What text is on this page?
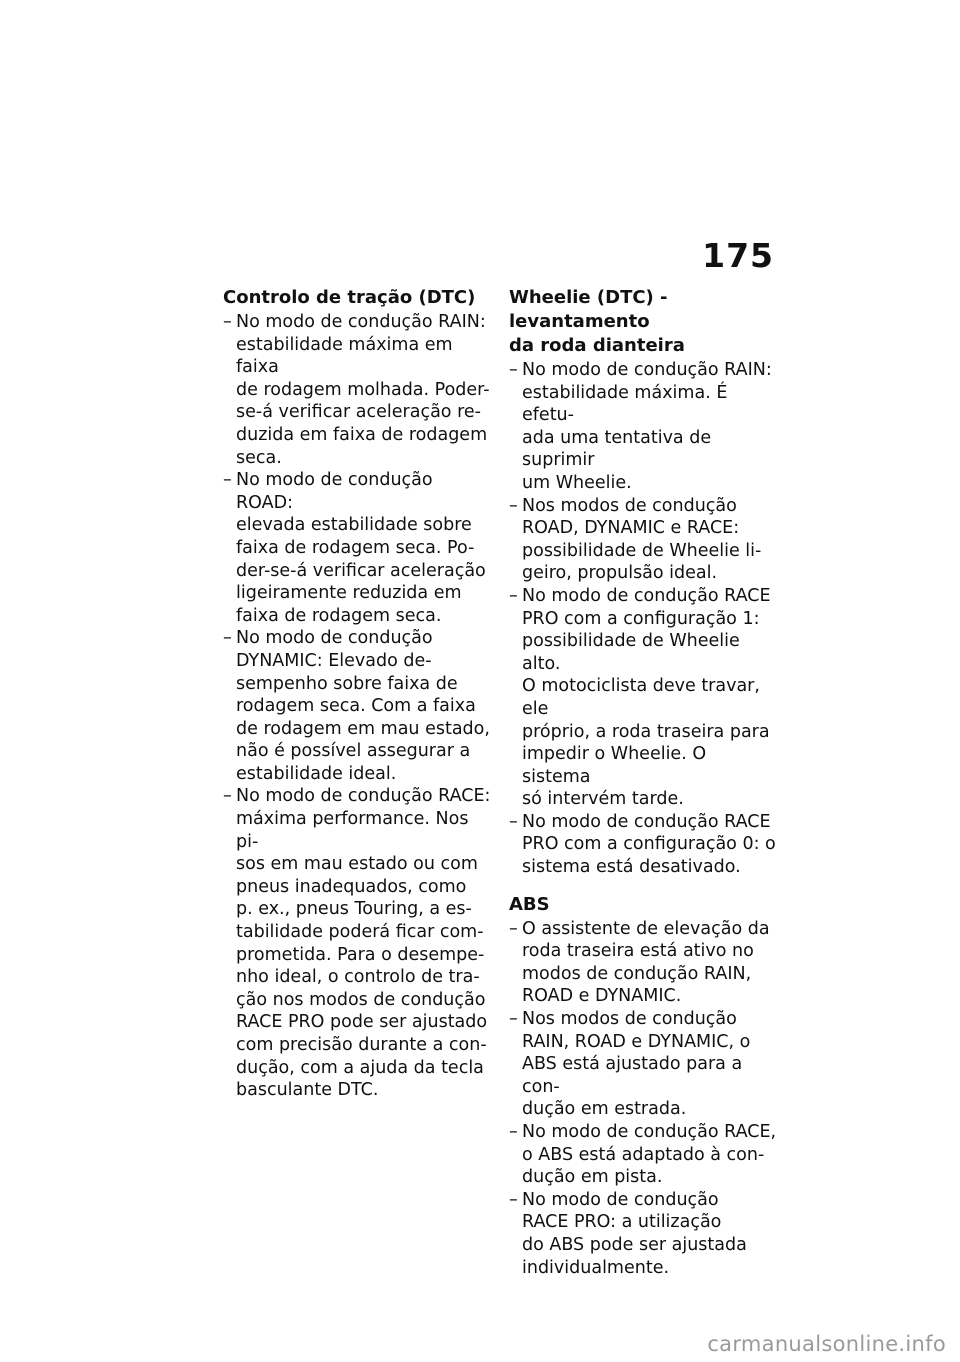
175
Controlo de tração (DTC)
– No modo de condução RAIN:
estabilidade máxima em faixa
de rodagem molhada. Poder-
se-á verificar aceleração re-
duzida em faixa de rodagem
seca.
– No modo de condução ROAD:
elevada estabilidade sobre
faixa de rodagem seca. Po-
der-se-á verificar aceleração
ligeiramente reduzida em
faixa de rodagem seca.
– No modo de condução
DYNAMIC: Elevado de-
sempenho sobre faixa de
rodagem seca. Com a faixa
de rodagem em mau estado,
não é possível assegurar a
estabilidade ideal.
– No modo de condução RACE:
máxima performance. Nos pi-
sos em mau estado ou com
pneus inadequados, como
p. ex., pneus Touring, a es-
tabilidade poderá ficar com-
prometida. Para o desempe-
nho ideal, o controlo de tra-
ção nos modos de condução
RACE PRO pode ser ajustado
com precisão durante a con-
dução, com a ajuda da tecla
basculante DTC.
Wheelie (DTC) - levantamento
da roda dianteira
– No modo de condução RAIN:
estabilidade máxima. É efetu-
ada uma tentativa de suprimir
um Wheelie.
– Nos modos de condução
ROAD, DYNAMIC e RACE:
possibilidade de Wheelie li-
geiro, propulsão ideal.
– No modo de condução RACE
PRO com a configuração 1:
possibilidade de Wheelie alto.
O motociclista deve travar, ele
próprio, a roda traseira para
impedir o Wheelie. O sistema
só intervém tarde.
– No modo de condução RACE
PRO com a configuração 0: o
sistema está desativado.
ABS
– O assistente de elevação da
roda traseira está ativo no
modos de condução RAIN,
ROAD e DYNAMIC.
– Nos modos de condução
RAIN, ROAD e DYNAMIC, o
ABS está ajustado para a con-
dução em estrada.
– No modo de condução RACE,
o ABS está adaptado à con-
dução em pista.
– No modo de condução
RACE PRO: a utilização
do ABS pode ser ajustada
individualmente.
carmanualsonline.info
